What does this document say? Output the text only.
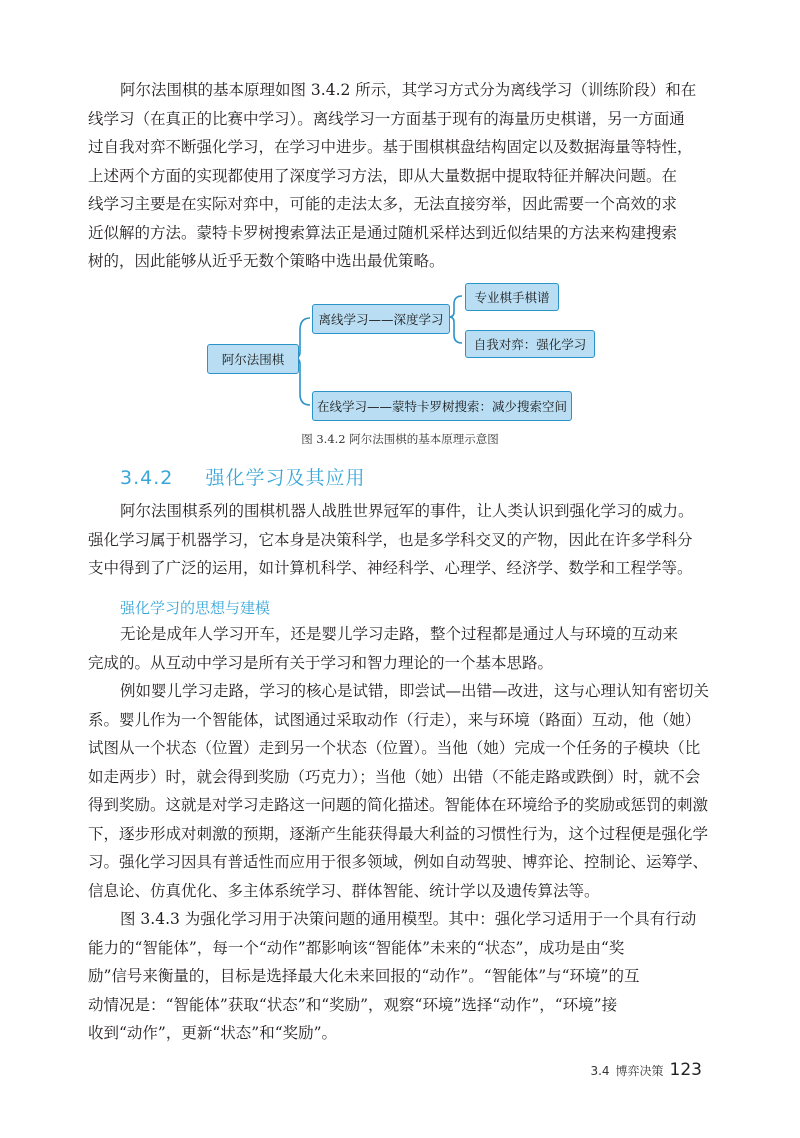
阿尔法围棋的基本原理如图 3.4.2 所示，其学习方式分为离线学习（训练阶段）和在
线学习（在真正的比赛中学习）。离线学习一方面基于现有的海量历史棋谱，另一方面通
过自我对弈不断强化学习，在学习中进步。基于围棋棋盘结构固定以及数据海量等特性，
上述两个方面的实现都使用了深度学习方法，即从大量数据中提取特征并解决问题。在
线学习主要是在实际对弈中，可能的走法太多，无法直接穷举，因此需要一个高效的求
近似解的方法。蒙特卡罗树搜索算法正是通过随机采样达到近似结果的方法来构建搜索
树的，因此能够从近乎无数个策略中选出最优策略。
阿尔法围棋
离线学习——深度学习
在线学习——蒙特卡罗树搜索：减少搜索空间
专业棋手棋谱
自我对弈：强化学习
图 3.4.2 阿尔法围棋的基本原理示意图
3.4.2 强化学习及其应用
阿尔法围棋系列的围棋机器人战胜世界冠军的事件，让人类认识到强化学习的威力。
强化学习属于机器学习，它本身是决策科学，也是多学科交叉的产物，因此在许多学科分
支中得到了广泛的运用，如计算机科学、神经科学、心理学、经济学、数学和工程学等。
强化学习的思想与建模
无论是成年人学习开车，还是婴儿学习走路，整个过程都是通过人与环境的互动来
完成的。从互动中学习是所有关于学习和智力理论的一个基本思路。
例如婴儿学习走路，学习的核心是试错，即尝试—出错—改进，这与心理认知有密切关
系。婴儿作为一个智能体，试图通过采取动作（行走），来与环境（路面）互动，他（她）
试图从一个状态（位置）走到另一个状态（位置）。当他（她）完成一个任务的子模块（比
如走两步）时，就会得到奖励（巧克力）；当他（她）出错（不能走路或跌倒）时，就不会
得到奖励。这就是对学习走路这一问题的简化描述。智能体在环境给予的奖励或惩罚的刺激
下，逐步形成对刺激的预期，逐渐产生能获得最大利益的习惯性行为，这个过程便是强化学
习。强化学习因具有普适性而应用于很多领域，例如自动驾驶、博弈论、控制论、运筹学、
信息论、仿真优化、多主体系统学习、群体智能、统计学以及遗传算法等。
图 3.4.3 为强化学习用于决策问题的通用模型。其中：强化学习适用于一个具有行动
能力的“智能体”，每一个“动作”都影响该“智能体”未来的“状态”，成功是由“奖
励”信号来衡量的，目标是选择最大化未来回报的“动作”。“智能体”与“环境”的互
动情况是：“智能体”获取“状态”和“奖励”，观察“环境”选择“动作”，“环境”接
收到“动作”，更新“状态”和“奖励”。
3.4 博弈决策 123
